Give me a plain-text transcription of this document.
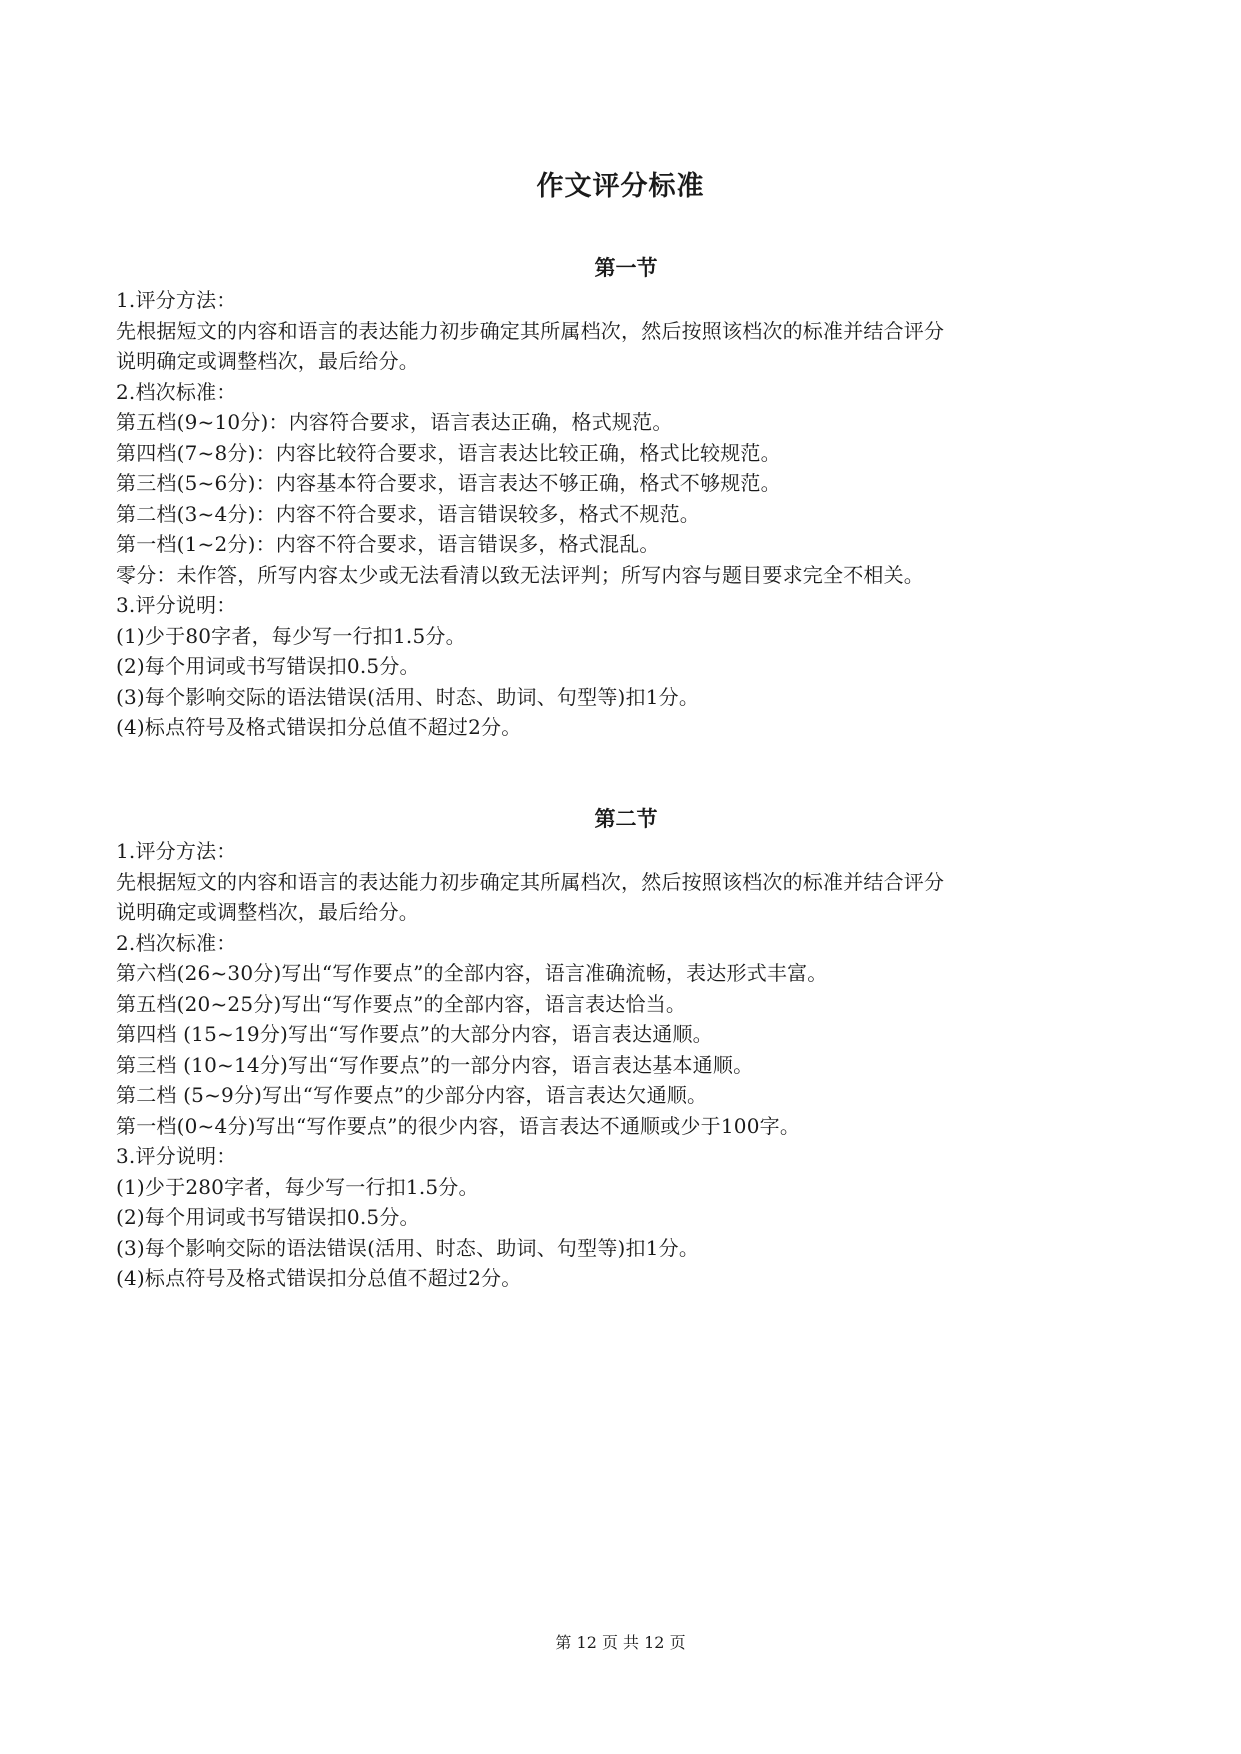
作文评分标准
第一节
1.评分方法：
先根据短文的内容和语言的表达能力初步确定其所属档次，然后按照该档次的标准并结合评分
说明确定或调整档次，最后给分。
2.档次标准：
第五档(9~10分)：内容符合要求，语言表达正确，格式规范。
第四档(7~8分)：内容比较符合要求，语言表达比较正确，格式比较规范。
第三档(5~6分)：内容基本符合要求，语言表达不够正确，格式不够规范。
第二档(3~4分)：内容不符合要求，语言错误较多，格式不规范。
第一档(1~2分)：内容不符合要求，语言错误多，格式混乱。
零分：未作答，所写内容太少或无法看清以致无法评判；所写内容与题目要求完全不相关。
3.评分说明：
(1)少于80字者，每少写一行扣1.5分。
(2)每个用词或书写错误扣0.5分。
(3)每个影响交际的语法错误(活用、时态、助词、句型等)扣1分。
(4)标点符号及格式错误扣分总值不超过2分。
第二节
1.评分方法：
先根据短文的内容和语言的表达能力初步确定其所属档次，然后按照该档次的标准并结合评分
说明确定或调整档次，最后给分。
2.档次标准：
第六档(26~30分)写出“写作要点”的全部内容，语言准确流畅，表达形式丰富。
第五档(20~25分)写出“写作要点”的全部内容，语言表达恰当。
第四档 (15~19分)写出“写作要点”的大部分内容，语言表达通顺。
第三档 (10~14分)写出“写作要点”的一部分内容，语言表达基本通顺。
第二档 (5~9分)写出“写作要点”的少部分内容，语言表达欠通顺。
第一档(0~4分)写出“写作要点”的很少内容，语言表达不通顺或少于100字。
3.评分说明：
(1)少于280字者，每少写一行扣1.5分。
(2)每个用词或书写错误扣0.5分。
(3)每个影响交际的语法错误(活用、时态、助词、句型等)扣1分。
(4)标点符号及格式错误扣分总值不超过2分。
第 12 页 共 12 页
